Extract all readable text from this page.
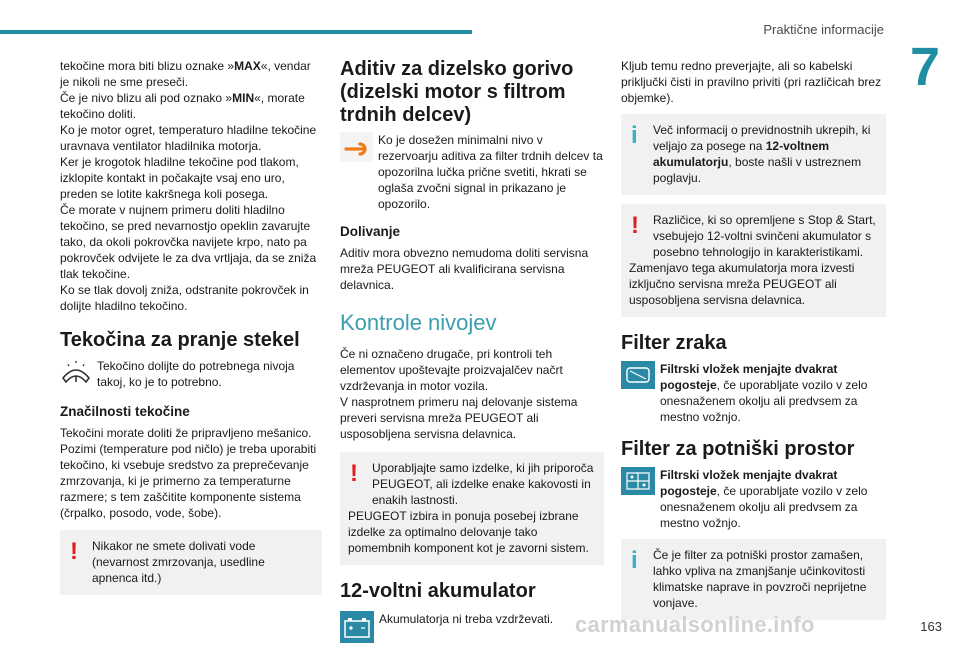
Praktične informacije
7

tekočine mora biti blizu oznake »MAX«, vendar je nikoli ne sme preseči.

Če je nivo blizu ali pod oznako »MIN«, morate tekočino doliti.

Ko je motor ogret, temperaturo hladilne tekočine uravnava ventilator hladilnika motorja.

Ker je krogotok hladilne tekočine pod tlakom, izklopite kontakt in počakajte vsaj eno uro, preden se lotite kakršnega koli posega.

Če morate v nujnem primeru doliti hladilno tekočino, se pred nevarnostjo opeklin zavarujte tako, da okoli pokrovčka navijete krpo, nato pa pokrovček odvijete le za dva vrtljaja, da se zniža tlak tekočine.

Ko se tlak dovolj zniža, odstranite pokrovček in dolijte hladilno tekočino.

Tekočina za pranje stekel

Tekočino dolijte do potrebnega nivoja takoj, ko je to potrebno.

Značilnosti tekočine

Tekočini morate doliti že pripravljeno mešanico. Pozimi (temperature pod ničlo) je treba uporabiti tekočino, ki vsebuje sredstvo za preprečevanje zmrzovanja, ki je primerno za temperaturne razmere; s tem zaščitite komponente sistema (črpalko, posodo, vode, šobe).

!	Nikakor ne smete dolivati vode (nevarnost zmrzovanja, usedline apnenca itd.)

Aditiv za dizelsko gorivo (dizelski motor s filtrom trdnih delcev)

Ko je dosežen minimalni nivo v rezervoarju aditiva za filter trdnih delcev ta opozorilna lučka prične svetiti, hkrati se oglaša zvočni signal in prikazano je opozorilo.

Dolivanje

Aditiv mora obvezno nemudoma doliti servisna mreža PEUGEOT ali kvalificirana servisna delavnica.

Kontrole nivojev

Če ni označeno drugače, pri kontroli teh elementov upoštevajte proizvajalčev načrt vzdrževanja in motor vozila.

V nasprotnem primeru naj delovanje sistema preveri servisna mreža PEUGEOT ali usposobljena servisna delavnica.

!	Uporabljajte samo izdelke, ki jih priporoča PEUGEOT, ali izdelke enake kakovosti in enakih lastnosti.

PEUGEOT izbira in ponuja posebej izbrane izdelke za optimalno delovanje tako pomembnih komponent kot je zavorni sistem.

12-voltni akumulator

Akumulatorja ni treba vzdrževati.

Kljub temu redno preverjajte, ali so kabelski priključki čisti in pravilno priviti (pri različicah brez objemke).

i	Več informacij o previdnostnih ukrepih, ki veljajo za posege na 12-voltnem akumulatorju, boste našli v ustreznem poglavju.

!	Različice, ki so opremljene s Stop & Start, vsebujejo 12-voltni svinčeni akumulator s posebno tehnologijo in karakteristikami.

Zamenjavo tega akumulatorja mora izvesti izključno servisna mreža PEUGEOT ali usposobljena servisna delavnica.

Filter zraka

Filtrski vložek menjajte dvakrat pogosteje, če uporabljate vozilo v zelo onesnaženem okolju ali predvsem za mestno vožnjo.

Filter za potniški prostor

Filtrski vložek menjajte dvakrat pogosteje, če uporabljate vozilo v zelo onesnaženem okolju ali predvsem za mestno vožnjo.

i	Če je filter za potniški prostor zamašen, lahko vpliva na zmanjšanje učinkovitosti klimatske naprave in povzroči neprijetne vonjave.

carmanualsonline.info	163
